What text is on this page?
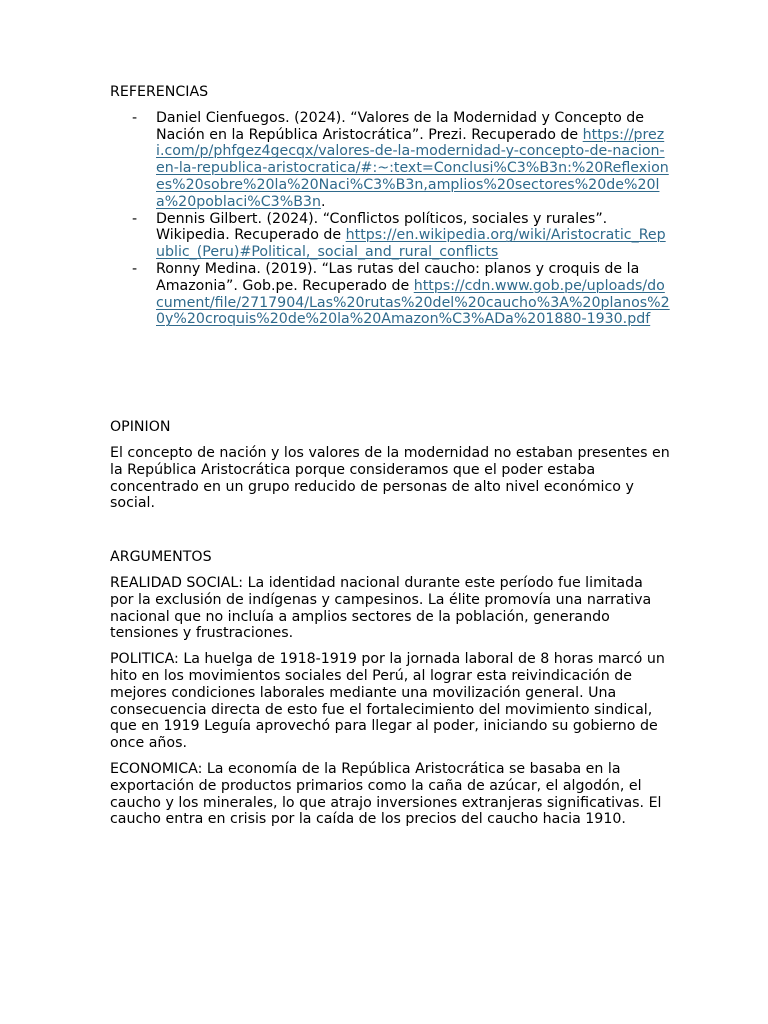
REFERENCIAS

- Daniel Cienfuegos. (2024). “Valores de la Modernidad y Concepto de Nación en la República Aristocrática”. Prezi. Recuperado de https://prezi.com/p/phfgez4gecqx/valores-de-la-modernidad-y-concepto-de-nacion-en-la-republica-aristocratica/#:~:text=Conclusi%C3%B3n:%20Reflexiones%20sobre%20la%20Naci%C3%B3n,amplios%20sectores%20de%20la%20poblaci%C3%B3n.
- Dennis Gilbert. (2024). “Conflictos políticos, sociales y rurales”. Wikipedia. Recuperado de https://en.wikipedia.org/wiki/Aristocratic_Republic_(Peru)#Political,_social_and_rural_conflicts
- Ronny Medina. (2019). “Las rutas del caucho: planos y croquis de la Amazonia”. Gob.pe. Recuperado de https://cdn.www.gob.pe/uploads/document/file/2717904/Las%20rutas%20del%20caucho%3A%20planos%20y%20croquis%20de%20la%20Amazon%C3%ADa%201880-1930.pdf

OPINION

El concepto de nación y los valores de la modernidad no estaban presentes en la República Aristocrática porque consideramos que el poder estaba concentrado en un grupo reducido de personas de alto nivel económico y social.

ARGUMENTOS

REALIDAD SOCIAL: La identidad nacional durante este período fue limitada por la exclusión de indígenas y campesinos. La élite promovía una narrativa nacional que no incluía a amplios sectores de la población, generando tensiones y frustraciones.

POLITICA: La huelga de 1918-1919 por la jornada laboral de 8 horas marcó un hito en los movimientos sociales del Perú, al lograr esta reivindicación de mejores condiciones laborales mediante una movilización general. Una consecuencia directa de esto fue el fortalecimiento del movimiento sindical, que en 1919 Leguía aprovechó para llegar al poder, iniciando su gobierno de once años.

ECONOMICA: La economía de la República Aristocrática se basaba en la exportación de productos primarios como la caña de azúcar, el algodón, el caucho y los minerales, lo que atrajo inversiones extranjeras significativas. El caucho entra en crisis por la caída de los precios del caucho hacia 1910.
